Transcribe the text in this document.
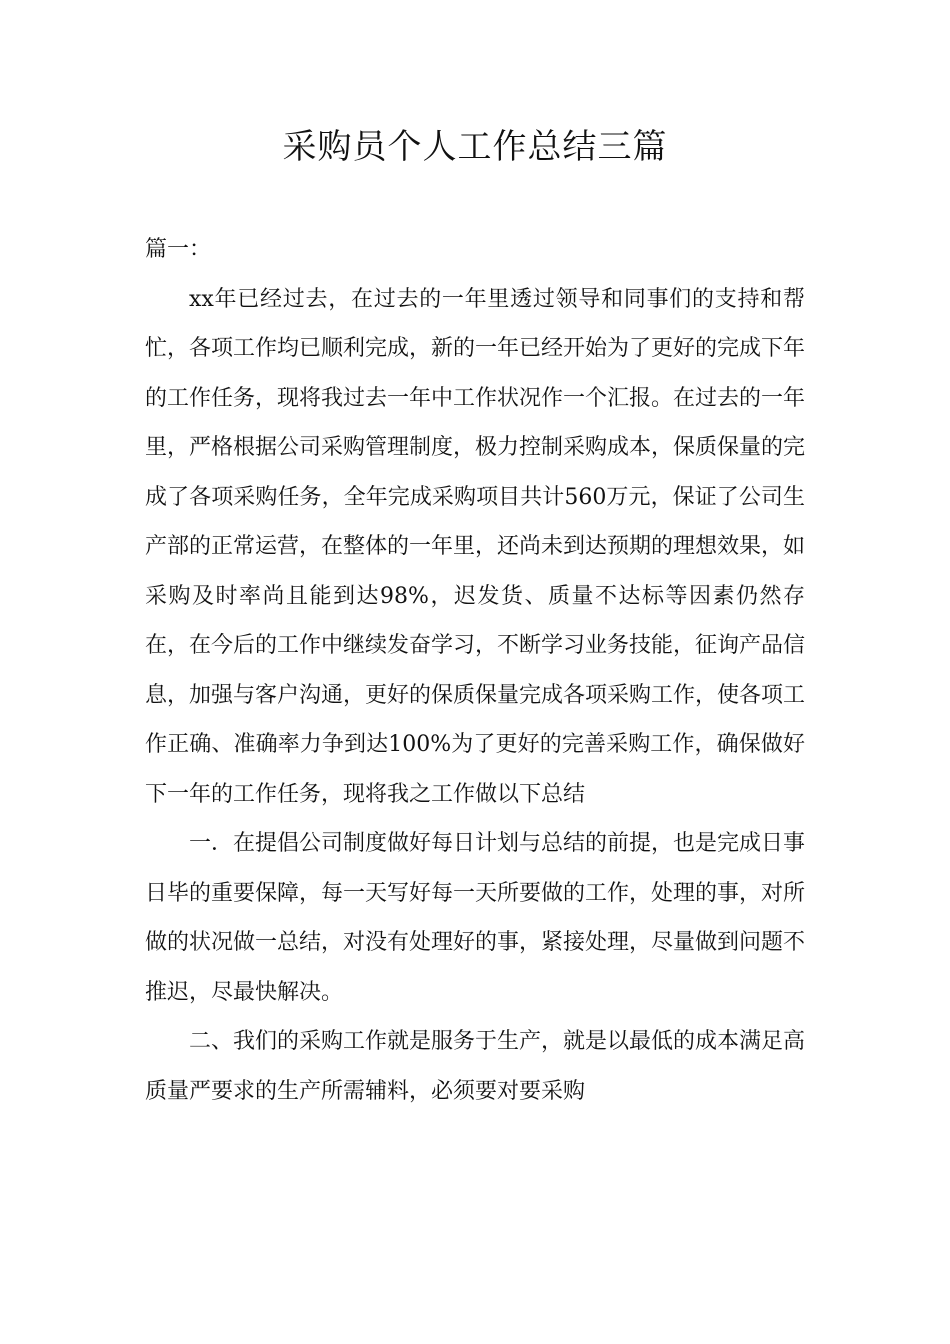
采购员个人工作总结三篇

篇一：

xx年已经过去，在过去的一年里透过领导和同事们的支持和帮忙，各项工作均已顺利完成，新的一年已经开始为了更好的完成下年的工作任务，现将我过去一年中工作状况作一个汇报。在过去的一年里，严格根据公司采购管理制度，极力控制采购成本，保质保量的完成了各项采购任务，全年完成采购项目共计560万元，保证了公司生产部的正常运营，在整体的一年里，还尚未到达预期的理想效果，如采购及时率尚且能到达98%，迟发货、质量不达标等因素仍然存在，在今后的工作中继续发奋学习，不断学习业务技能，征询产品信息，加强与客户沟通，更好的保质保量完成各项采购工作，使各项工作正确、准确率力争到达100%为了更好的完善采购工作，确保做好下一年的工作任务，现将我之工作做以下总结

一．在提倡公司制度做好每日计划与总结的前提，也是完成日事日毕的重要保障，每一天写好每一天所要做的工作，处理的事，对所做的状况做一总结，对没有处理好的事，紧接处理，尽量做到问题不推迟，尽最快解决。

二、我们的采购工作就是服务于生产，就是以最低的成本满足高质量严要求的生产所需辅料，必须要对要采购
